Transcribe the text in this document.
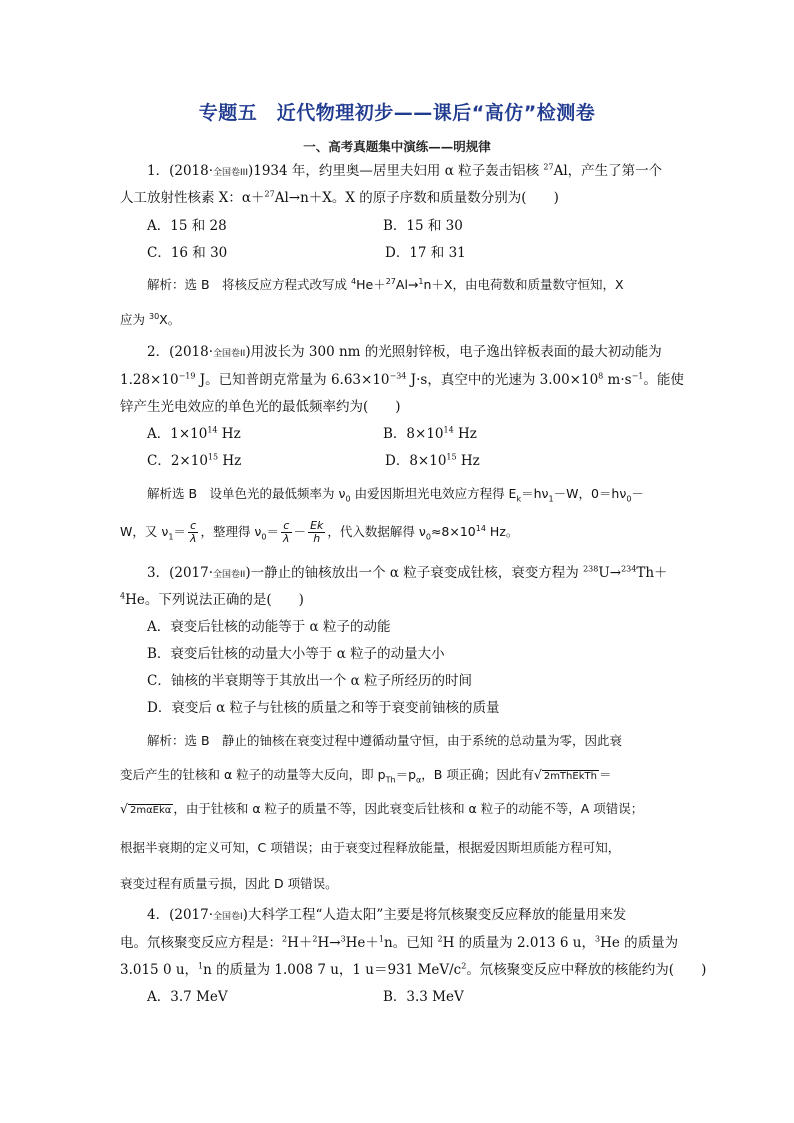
专题五　近代物理初步——课后“高仿”检测卷
一、高考真题集中演练——明规律
1．(2018·全国卷III)1934 年，约里奥—居里夫妇用 α 粒子轰击铝核 $^{27}$Al，产生了第一个
人工放射性核素 X：α＋$^{27}$Al→n＋X。X 的原子序数和质量数分别为(　　)
A．15 和 28	B．15 和 30
C．16 和 30	D．17 和 31
解析：选 B　将核反应方程式改写成 $^4$He＋$^{27}$Al→$^1$n＋X，由电荷数和质量数守恒知，X
应为 $^{30}$X。
2．(2018·全国卷II)用波长为 300 nm 的光照射锌板，电子逸出锌板表面的最大初动能为
$1.28\times 10^{-19}$ J。已知普朗克常量为 $6.63\times 10^{-34}$ J·s，真空中的光速为 $3.00\times 10^8$ $m\cdot s^{-1}$。能使
锌产生光电效应的单色光的最低频率约为(　　)
A．$1\times 10^{14}$ Hz	B．$8\times 10^{14}$ Hz
C．$2\times 10^{15}$ Hz	D．$8\times 10^{15}$ Hz
解析选 B　设单色光的最低频率为 $\nu_0$ 由爱因斯坦光电效应方程得 $E_k=h\nu_1-W$，$0=h\nu_0-$
W，又 $\nu_1= \frac{c}{\lambda}$ ，整理得 $\nu_0= \frac{c}{\lambda} - \frac{Ek}{h}$ ，代入数据解得 $\nu_0\approx 8\times 10^{14}$ Hz。
3．(2017·全国卷II)一静止的铀核放出一个 α 粒子衰变成钍核，衰变方程为 $^{238}$U→$^{234}$Th＋
$^4$He。下列说法正确的是(　　)
A．衰变后钍核的动能等于 α 粒子的动能
B．衰变后钍核的动量大小等于 α 粒子的动量大小
C．铀核的半衰期等于其放出一个 α 粒子所经历的时间
D．衰变后 α 粒子与钍核的质量之和等于衰变前铀核的质量
解析：选 B　静止的铀核在衰变过程中遵循动量守恒，由于系统的总动量为零，因此衰
变后产生的钍核和 α 粒子的动量等大反向，即 $p_{Th}=p_\alpha$，B 项正确；因此有√ 2mThEkTh ＝
√ 2mαEkα ，由于钍核和 α 粒子的质量不等，因此衰变后钍核和 α 粒子的动能不等，A 项错误；
根据半衰期的定义可知，C 项错误；由于衰变过程释放能量，根据爱因斯坦质能方程可知，
衰变过程有质量亏损，因此 D 项错误。
4．(2017·全国卷I)大科学工程“人造太阳”主要是将氘核聚变反应释放的能量用来发
电。氘核聚变反应方程是：$^2$H＋$^2$H→$^3$He＋$^1$n。已知 $^2$H 的质量为 2.013 6 u，$^3$He 的质量为
3.015 0 u，$^1$n 的质量为 1.008 7 u，1 u＝931 MeV/$c^2$。氘核聚变反应中释放的核能约为(　　)
A．3.7 MeV	B．3.3 MeV
